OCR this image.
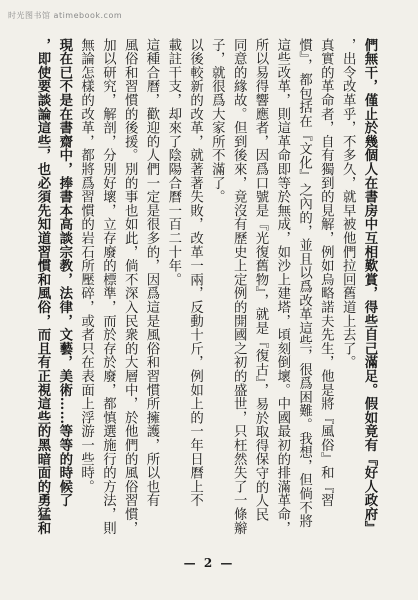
时光图书馆 atimebook.com
們無干，僅止於幾個人在書房中互相歎賞，得些自己滿足。假如竟有『好人政府』
，出令改革乎，不多久，就早被他們拉回舊道上去了。
真實的革命者，自有獨到的見解，例如烏略諾夫先生，他是將『風俗』和『習
慣』，都包括在『文化』之內的，並且以爲改革這些，很爲困難。我想，但倘不將
這些改革，則這革命即等於無成，如沙上建塔，頃刻倒壞。中國最初的排滿革命，
所以易得響應者，因爲口號是『光復舊物』，就是『復古』，易於取得保守的人民
同意的緣故。但到後來，竟沒有歷史上定例的開國之初的盛世，只枉然失了一條辮
子，就很爲大家所不滿了。
以後較新的改革，就著著失敗，改革一兩，反動十斤，例如上的一年日曆上不
載註干支，却來了陰陽合曆一百二十年。
這種合曆，歡迎的人們一定是很多的，因爲這是風俗和習慣所擁護，所以也有
風俗和習慣的後援。別的事也如此，倘不深入民衆的大層中，於他們的風俗習慣，
加以研究，解剖，分別好壞，立存廢的標準，而於存於廢，都慎選施行的方法，則
無論怎樣的改革，都將爲習慣的岩石所壓碎，或者只在表面上浮游一些時。
現在已不是在書齋中，捧書本高談宗教，法律，文藝，美術……等等的時候了
，即使要談論這些，也必須先知道習慣和風俗，而且有正視這些的黑暗面的勇猛和
— 2 —
